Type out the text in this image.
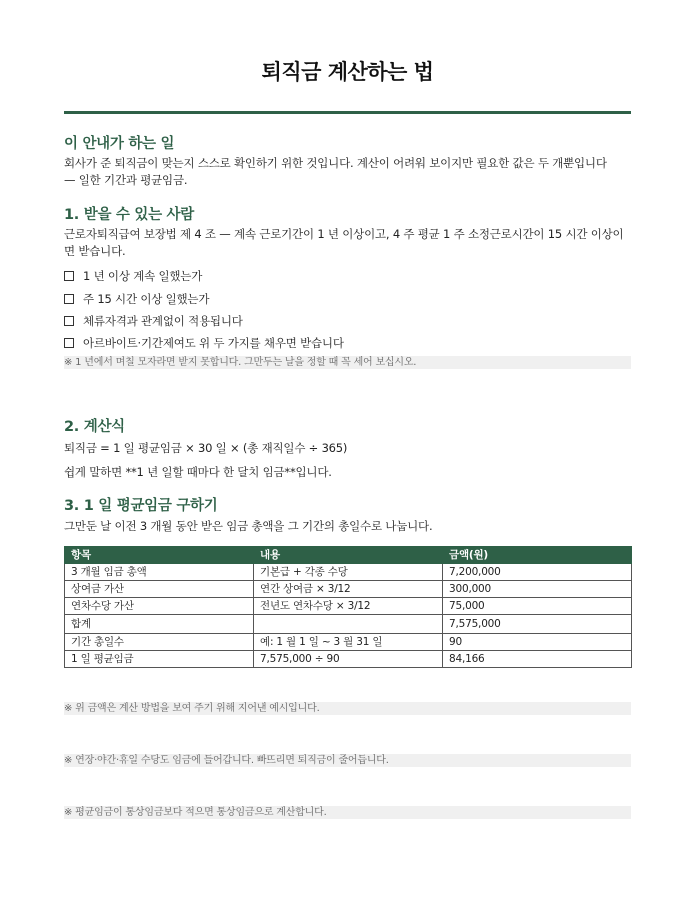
퇴직금 계산하는 법
이 안내가 하는 일
회사가 준 퇴직금이 맞는지 스스로 확인하기 위한 것입니다. 계산이 어려워 보이지만 필요한 값은 두 개뿐입니다
— 일한 기간과 평균임금.
1. 받을 수 있는 사람
근로자퇴직급여 보장법 제 4 조 — 계속 근로기간이 1 년 이상이고, 4 주 평균 1 주 소정근로시간이 15 시간 이상이
면 받습니다.
1 년 이상 계속 일했는가
주 15 시간 이상 일했는가
체류자격과 관계없이 적용됩니다
아르바이트·기간제여도 위 두 가지를 채우면 받습니다
※ 1 년에서 며칠 모자라면 받지 못합니다. 그만두는 날을 정할 때 꼭 세어 보십시오.
2. 계산식
퇴직금 = 1 일 평균임금 × 30 일 × (총 재직일수 ÷ 365)
쉽게 말하면 **1 년 일할 때마다 한 달치 임금**입니다.
3. 1 일 평균임금 구하기
그만둔 날 이전 3 개월 동안 받은 임금 총액을 그 기간의 총일수로 나눕니다.
항목	내용	금액(원)
3 개월 임금 총액	기본급 + 각종 수당	7,200,000
상여금 가산	연간 상여금 × 3/12	300,000
연차수당 가산	전년도 연차수당 × 3/12	75,000
합계		7,575,000
기간 총일수	예: 1 월 1 일 ~ 3 월 31 일	90
1 일 평균임금	7,575,000 ÷ 90	84,166
※ 위 금액은 계산 방법을 보여 주기 위해 지어낸 예시입니다.
※ 연장·야간·휴일 수당도 임금에 들어갑니다. 빠뜨리면 퇴직금이 줄어듭니다.
※ 평균임금이 통상임금보다 적으면 통상임금으로 계산합니다.
